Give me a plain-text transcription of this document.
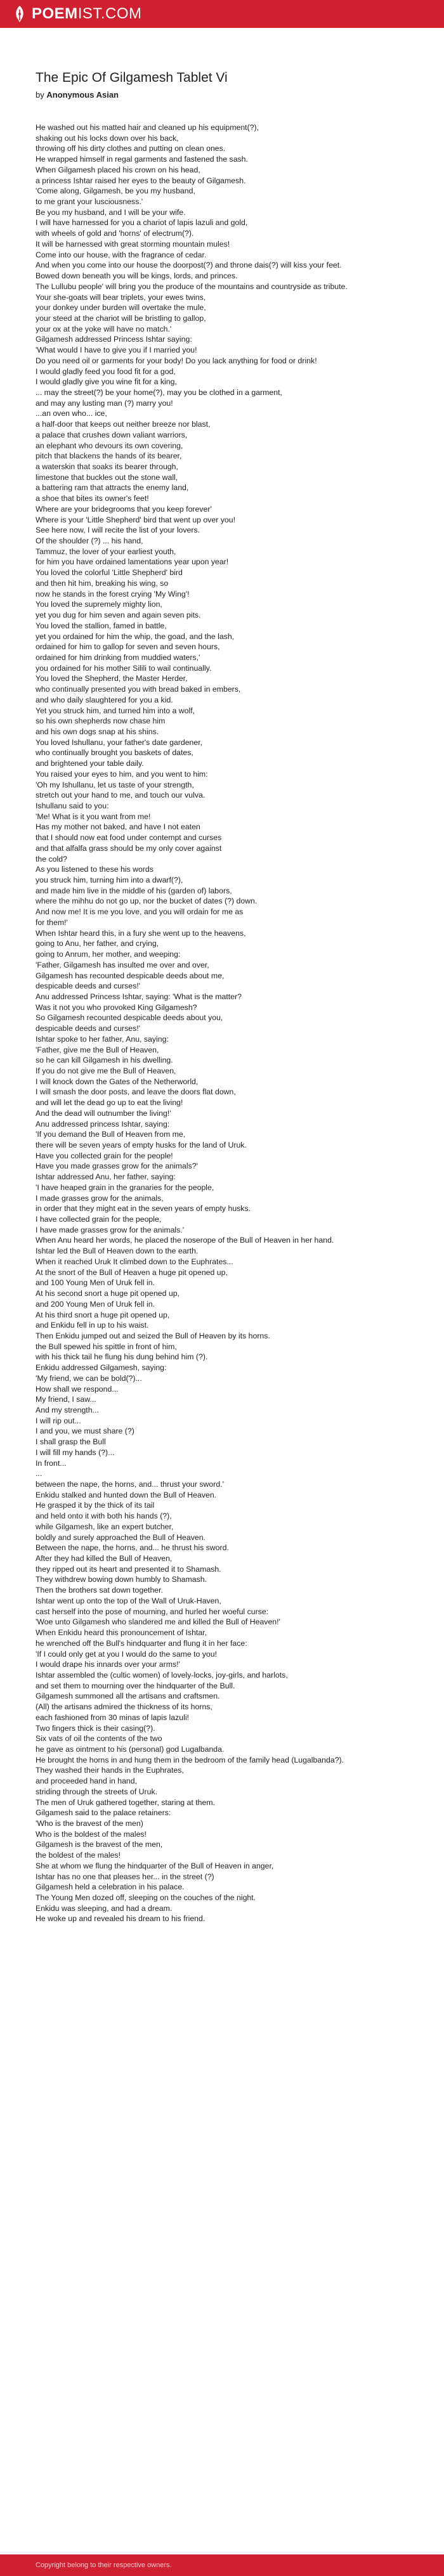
POEM IST.COM
The Epic Of Gilgamesh Tablet Vi
by Anonymous Asian
He washed out his matted hair and cleaned up his equipment(?),
shaking out his locks down over his back,
throwing off his dirty clothes and putting on clean ones.
He wrapped himself in regal garments and fastened the sash.
When Gilgamesh placed his crown on his head,
a princess Ishtar raised her eyes to the beauty of Gilgamesh.
'Come along, Gilgamesh, be you my husband,
to me grant your lusciousness.'
Be you my husband, and I will be your wife.
I will have harnessed for you a chariot of lapis lazuli and gold,
with wheels of gold and 'horns' of electrum(?).
It will be harnessed with great storming mountain mules!
Come into our house, with the fragrance of cedar.
And when you come into our house the doorpost(?) and throne dais(?) will kiss your feet.
Bowed down beneath you will be kings, lords, and princes.
The Lullubu people' will bring you the produce of the mountains and countryside as tribute.
Your she-goats will bear triplets, your ewes twins,
your donkey under burden will overtake the mule,
your steed at the chariot will be bristling to gallop,
your ox at the yoke will have no match.'
Gilgamesh addressed Princess Ishtar saying:
'What would I have to give you if I married you!
Do you need oil or garments for your body! Do you lack anything for food or drink!
I would gladly feed you food fit for a god,
I would gladly give you wine fit for a king,
... may the street(?) be your home(?), may you be clothed in a garment,
and may any lusting man (?) marry you!
...an oven who... ice,
a half-door that keeps out neither breeze nor blast,
a palace that crushes down valiant warriors,
an elephant who devours its own covering,
pitch that blackens the hands of its bearer,
a waterskin that soaks its bearer through,
limestone that buckles out the stone wall,
a battering ram that attracts the enemy land,
a shoe that bites its owner's feet!
Where are your bridegrooms that you keep forever'
Where is your 'Little Shepherd' bird that went up over you!
See here now, I will recite the list of your lovers.
Of the shoulder (?) ... his hand,
Tammuz, the lover of your earliest youth,
for him you have ordained lamentations year upon year!
You loved the colorful 'Little Shepherd' bird
and then hit him, breaking his wing, so
now he stands in the forest crying 'My Wing'!
You loved the supremely mighty lion,
yet you dug for him seven and again seven pits.
You loved the stallion, famed in battle,
yet you ordained for him the whip, the goad, and the lash,
ordained for him to gallop for seven and seven hours,
ordained for him drinking from muddied waters,'
you ordained for his mother Silili to wail continually.
You loved the Shepherd, the Master Herder,
who continually presented you with bread baked in embers,
and who daily slaughtered for you a kid.
Yet you struck him, and turned him into a wolf,
so his own shepherds now chase him
and his own dogs snap at his shins.
You loved Ishullanu, your father's date gardener,
who continually brought you baskets of dates,
and brightened your table daily.
You raised your eyes to him, and you went to him:
'Oh my Ishullanu, let us taste of your strength,
stretch out your hand to me, and touch our vulva.
Ishullanu said to you:
'Me! What is it you want from me!
Has my mother not baked, and have I not eaten
that I should now eat food under contempt and curses
and that alfalfa grass should be my only cover against
the cold?
As you listened to these his words
you struck him, turning him into a dwarf(?),
and made him live in the middle of his (garden of) labors,
where the mihhu do not go up, nor the bucket of dates (?) down.
And now me! It is me you love, and you will ordain for me as
for them!'
When Ishtar heard this, in a fury she went up to the heavens,
going to Anu, her father, and crying,
going to Anrum, her mother, and weeping:
'Father, Gilgamesh has insulted me over and over,
Gilgamesh has recounted despicable deeds about me,
despicable deeds and curses!'
Anu addressed Princess Ishtar, saying: 'What is the matter?
Was it not you who provoked King Gilgamesh?
So Gilgamesh recounted despicable deeds about you,
despicable deeds and curses!'
Ishtar spoke to her father, Anu, saying:
'Father, give me the Bull of Heaven,
so he can kill Gilgamesh in his dwelling.
If you do not give me the Bull of Heaven,
I will knock down the Gates of the Netherworld,
I will smash the door posts, and leave the doors flat down,
and will let the dead go up to eat the living!
And the dead will outnumber the living!'
Anu addressed princess Ishtar, saying:
'If you demand the Bull of Heaven from me,
there will be seven years of empty husks for the land of Uruk.
Have you collected grain for the people!
Have you made grasses grow for the animals?'
Ishtar addressed Anu, her father, saying:
'I have heaped grain in the granaries for the people,
I made grasses grow for the animals,
in order that they might eat in the seven years of empty husks.
I have collected grain for the people,
I have made grasses grow for the animals.'
When Anu heard her words, he placed the noserope of the Bull of Heaven in her hand.
Ishtar led the Bull of Heaven down to the earth.
When it reached Uruk It climbed down to the Euphrates...
At the snort of the Bull of Heaven a huge pit opened up,
and 100 Young Men of Uruk fell in.
At his second snort a huge pit opened up,
and 200 Young Men of Uruk fell in.
At his third snort a huge pit opened up,
and Enkidu fell in up to his waist.
Then Enkidu jumped out and seized the Bull of Heaven by its horns.
the Bull spewed his spittle in front of him,
with his thick tail he flung his dung behind him (?).
Enkidu addressed Gilgamesh, saying:
'My friend, we can be bold(?)...
How shall we respond...
My friend, I saw...
And my strength...
I will rip out...
I and you, we must share (?)
I shall grasp the Bull
I will fill my hands (?)...
In front...
...
between the nape, the horns, and... thrust your sword.'
Enkidu stalked and hunted down the Bull of Heaven.
He grasped it by the thick of its tail
and held onto it with both his hands (?),
while Gilgamesh, like an expert butcher,
boldly and surely approached the Bull of Heaven.
Between the nape, the horns, and... he thrust his sword.
After they had killed the Bull of Heaven,
they ripped out its heart and presented it to Shamash.
They withdrew bowing down humbly to Shamash.
Then the brothers sat down together.
Ishtar went up onto the top of the Wall of Uruk-Haven,
cast herself into the pose of mourning, and hurled her woeful curse:
'Woe unto Gilgamesh who slandered me and killed the Bull of Heaven!'
When Enkidu heard this pronouncement of Ishtar,
he wrenched off the Bull's hindquarter and flung it in her face:
'If I could only get at you I would do the same to you!
I would drape his innards over your arms!'
Ishtar assembled the (cultic women) of lovely-locks, joy-girls, and harlots,
and set them to mourning over the hindquarter of the Bull.
Gilgamesh summoned all the artisans and craftsmen.
(All) the artisans admired the thickness of its horns,
each fashioned from 30 minas of lapis lazuli!
Two fingers thick is their casing(?).
Six vats of oil the contents of the two
he gave as ointment to his (personal) god Lugalbanda.
He brought the horns in and hung them in the bedroom of the family head (Lugalbanda?).
They washed their hands in the Euphrates,
and proceeded hand in hand,
striding through the streets of Uruk.
The men of Uruk gathered together, staring at them.
Gilgamesh said to the palace retainers:
'Who is the bravest of the men)
Who is the boldest of the males!
Gilgamesh is the bravest of the men,
the boldest of the males!
She at whom we flung the hindquarter of the Bull of Heaven in anger,
Ishtar has no one that pleases her... in the street (?)
Gilgamesh held a celebration in his palace.
The Young Men dozed off, sleeping on the couches of the night.
Enkidu was sleeping, and had a dream.
He woke up and revealed his dream to his friend.
Copyright belong to their respective owners.
